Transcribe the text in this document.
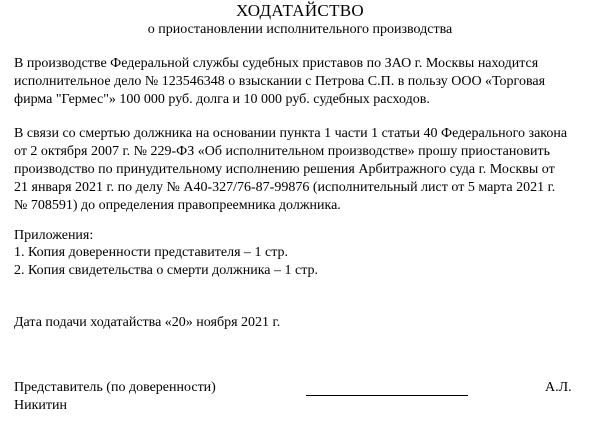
ХОДАТАЙСТВО
о приостановлении исполнительного производства

В производстве Федеральной службы судебных приставов по ЗАО г. Москвы находится
исполнительное дело № 123546348 о взыскании с Петрова С.П. в пользу ООО «Торговая
фирма "Гермес"» 100 000 руб. долга и 10 000 руб. судебных расходов.

В связи со смертью должника на основании пункта 1 части 1 статьи 40 Федерального закона
от 2 октября 2007 г. № 229-ФЗ «Об исполнительном производстве» прошу приостановить
производство по принудительному исполнению решения Арбитражного суда г. Москвы от
21 января 2021 г. по делу № А40-327/76-87-99876 (исполнительный лист от 5 марта 2021 г.
№ 708591) до определения правопреемника должника.

Приложения:

1. Копия доверенности представителя – 1 стр.
2. Копия свидетельства о смерти должника – 1 стр.

Дата подачи ходатайства «20» ноября 2021 г.

Представитель (по доверенности)	А.Л.
Никитин
